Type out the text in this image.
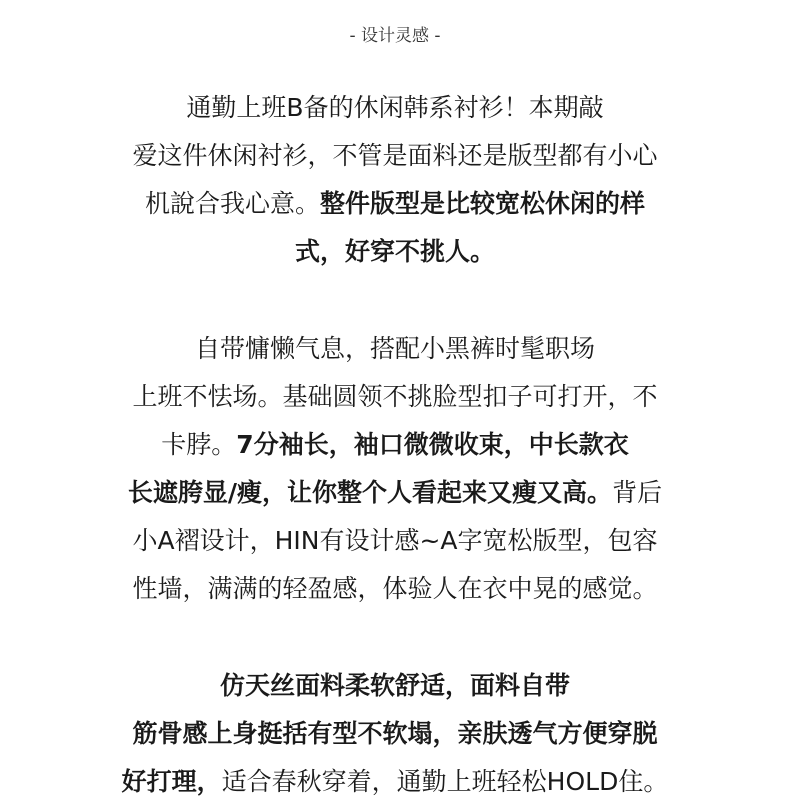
- 设计灵感 -
通勤上班B备的休闲韩系衬衫！本期敲
爱这件休闲衬衫，不管是面料还是版型都有小心
机說合我心意。整件版型是比较宽松休闲的样
式，好穿不挑人。
自带慵懒气息，搭配小黑裤时髦职场
上班不怯场。基础圆领不挑脸型扣子可打开，不
卡脖。7分袖长，袖口微微收束，中长款衣
长遮胯显/瘦，让你整个人看起来又瘦又高。背后
小A褶设计，HIN有设计感~A字宽松版型，包容
性墙，满满的轻盈感，体验人在衣中晃的感觉。
仿天丝面料柔软舒适，面料自带
筋骨感上身挺括有型不软塌，亲肤透气方便穿脱
好打理，适合春秋穿着，通勤上班轻松HOLD住。
